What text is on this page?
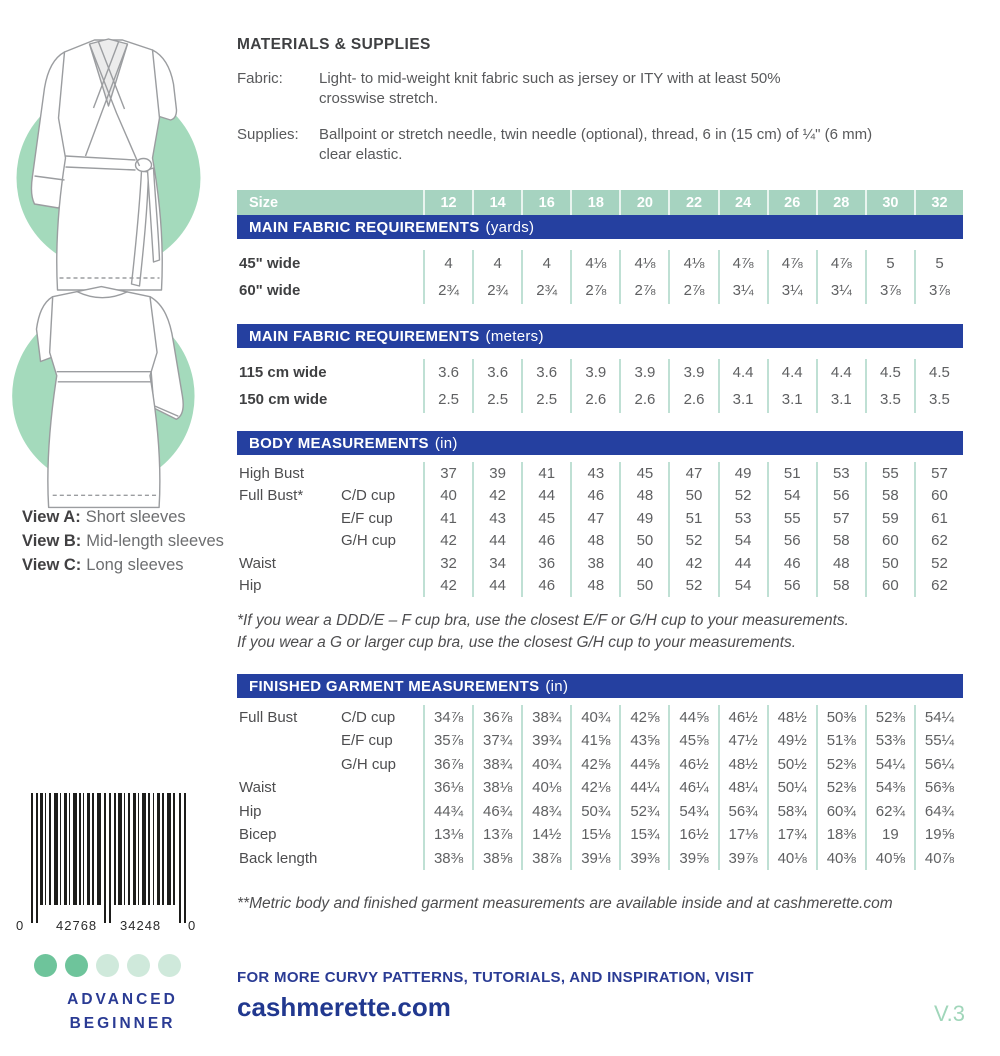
View A: Short sleeves
View B: Mid-length sleeves
View C: Long sleeves
0 42768 34248 0
ADVANCED
BEGINNER
MATERIALS & SUPPLIES
Fabric:	Light- to mid-weight knit fabric such as jersey or ITY with at least 50% crosswise stretch.
Supplies:	Ballpoint or stretch needle, twin needle (optional), thread, 6 in (15 cm) of ¼" (6 mm) clear elastic.
Size	12	14	16	18	20	22	24	26	28	30	32
MAIN FABRIC REQUIREMENTS (yards)
45" wide	4	4	4	4⅛	4⅛	4⅛	4⅞	4⅞	4⅞	5	5
60" wide	2¾	2¾	2¾	2⅞	2⅞	2⅞	3¼	3¼	3¼	3⅞	3⅞
MAIN FABRIC REQUIREMENTS (meters)
115 cm wide	3.6	3.6	3.6	3.9	3.9	3.9	4.4	4.4	4.4	4.5	4.5
150 cm wide	2.5	2.5	2.5	2.6	2.6	2.6	3.1	3.1	3.1	3.5	3.5
BODY MEASUREMENTS (in)
High Bust	37	39	41	43	45	47	49	51	53	55	57
Full Bust*	C/D cup	40	42	44	46	48	50	52	54	56	58	60
E/F cup	41	43	45	47	49	51	53	55	57	59	61
G/H cup	42	44	46	48	50	52	54	56	58	60	62
Waist	32	34	36	38	40	42	44	46	48	50	52
Hip	42	44	46	48	50	52	54	56	58	60	62
*If you wear a DDD/E – F cup bra, use the closest E/F or G/H cup to your measurements.
If you wear a G or larger cup bra, use the closest G/H cup to your measurements.
FINISHED GARMENT MEASUREMENTS (in)
Full Bust	C/D cup	34⅞	36⅞	38¾	40¾	42⅝	44⅝	46½	48½	50⅜	52⅜	54¼
E/F cup	35⅞	37¾	39¾	41⅝	43⅝	45⅝	47½	49½	51⅜	53⅜	55¼
G/H cup	36⅞	38¾	40¾	42⅝	44⅝	46½	48½	50½	52⅜	54¼	56¼
Waist	36⅛	38⅛	40⅛	42⅛	44¼	46¼	48¼	50¼	52⅜	54⅜	56⅜
Hip	44¾	46¾	48¾	50¾	52¾	54¾	56¾	58¾	60¾	62¾	64¾
Bicep	13⅛	13⅞	14½	15⅛	15¾	16½	17⅛	17¾	18⅜	19	19⅝
Back length	38⅜	38⅝	38⅞	39⅛	39⅜	39⅝	39⅞	40⅛	40⅜	40⅝	40⅞
**Metric body and finished garment measurements are available inside and at cashmerette.com
FOR MORE CURVY PATTERNS, TUTORIALS, AND INSPIRATION, VISIT
cashmerette.com	V.3
